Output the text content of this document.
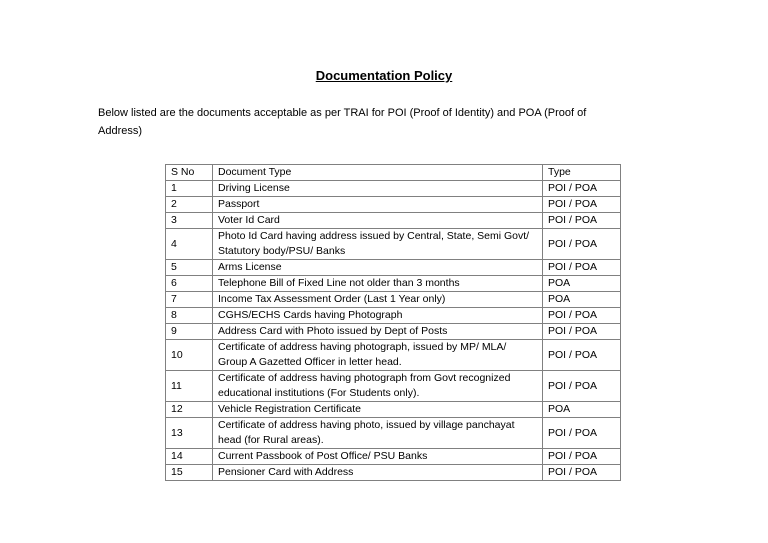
Documentation Policy
Below listed are the documents acceptable as per TRAI for POI (Proof of Identity) and POA (Proof of Address)
S No	Document Type	Type
1	Driving License	POI / POA
2	Passport	POI / POA
3	Voter Id Card	POI / POA
4	Photo Id Card having address issued by Central, State, Semi Govt/ Statutory body/PSU/ Banks	POI / POA
5	Arms License	POI / POA
6	Telephone Bill of Fixed Line not older than 3 months	POA
7	Income Tax Assessment Order (Last 1 Year only)	POA
8	CGHS/ECHS Cards having Photograph	POI / POA
9	Address Card with Photo issued by Dept of Posts	POI / POA
10	Certificate of address having photograph, issued by MP/ MLA/ Group A Gazetted Officer in letter head.	POI / POA
11	Certificate of address having photograph from Govt recognized educational institutions (For Students only).	POI / POA
12	Vehicle Registration Certificate	POA
13	Certificate of address having photo, issued by village panchayat head (for Rural areas).	POI / POA
14	Current Passbook of Post Office/ PSU Banks	POI / POA
15	Pensioner Card with Address	POI / POA
